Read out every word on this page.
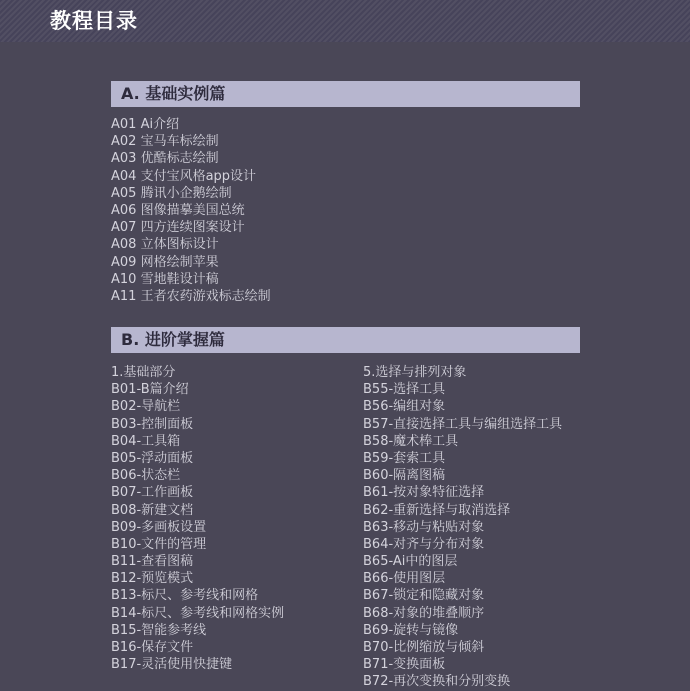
教程目录
A. 基础实例篇
A01 Ai介绍
A02 宝马车标绘制
A03 优酷标志绘制
A04 支付宝风格app设计
A05 腾讯小企鹅绘制
A06 图像描摹美国总统
A07 四方连续图案设计
A08 立体图标设计
A09 网格绘制苹果
A10 雪地鞋设计稿
A11 王者农药游戏标志绘制
B. 进阶掌握篇
1.基础部分
B01-B篇介绍
B02-导航栏
B03-控制面板
B04-工具箱
B05-浮动面板
B06-状态栏
B07-工作画板
B08-新建文档
B09-多画板设置
B10-文件的管理
B11-查看图稿
B12-预览模式
B13-标尺、参考线和网格
B14-标尺、参考线和网格实例
B15-智能参考线
B16-保存文件
B17-灵活使用快捷键
5.选择与排列对象
B55-选择工具
B56-编组对象
B57-直接选择工具与编组选择工具
B58-魔术棒工具
B59-套索工具
B60-隔离图稿
B61-按对象特征选择
B62-重新选择与取消选择
B63-移动与粘贴对象
B64-对齐与分布对象
B65-Ai中的图层
B66-使用图层
B67-锁定和隐藏对象
B68-对象的堆叠顺序
B69-旋转与镜像
B70-比例缩放与倾斜
B71-变换面板
B72-再次变换和分别变换
